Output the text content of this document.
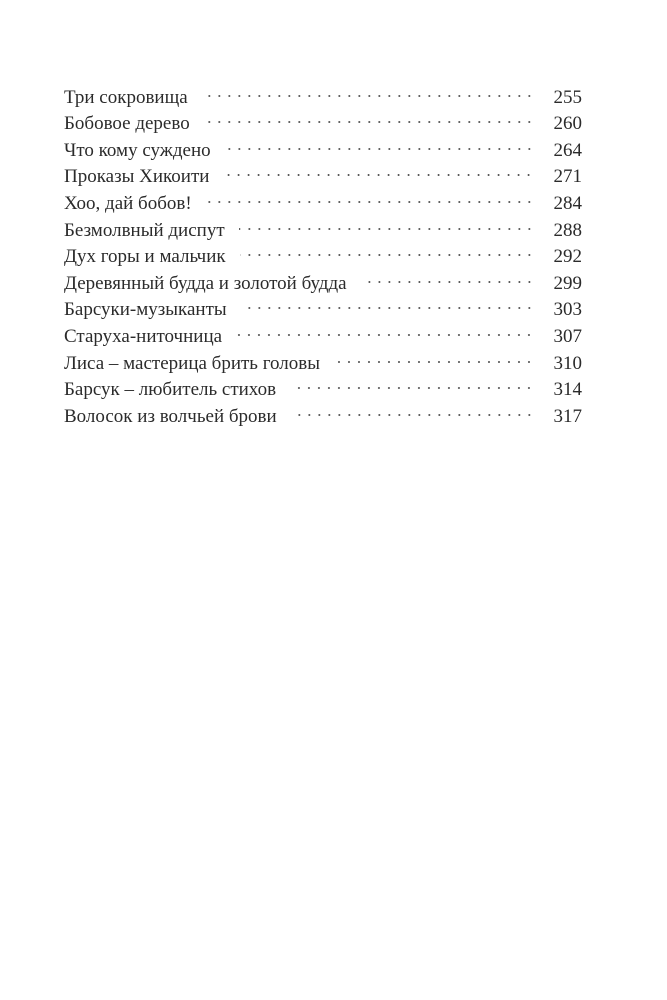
Три сокровища	255
Бобовое дерево	260
Что кому суждено	264
Проказы Хикоити	271
Хоо, дай бобов!	284
Безмолвный диспут	288
Дух горы и мальчик	292
Деревянный будда и золотой будда	299
Барсуки-музыканты	303
Старуха-ниточница	307
Лиса – мастерица брить головы	310
Барсук – любитель стихов	314
Волосок из волчьей брови	317
